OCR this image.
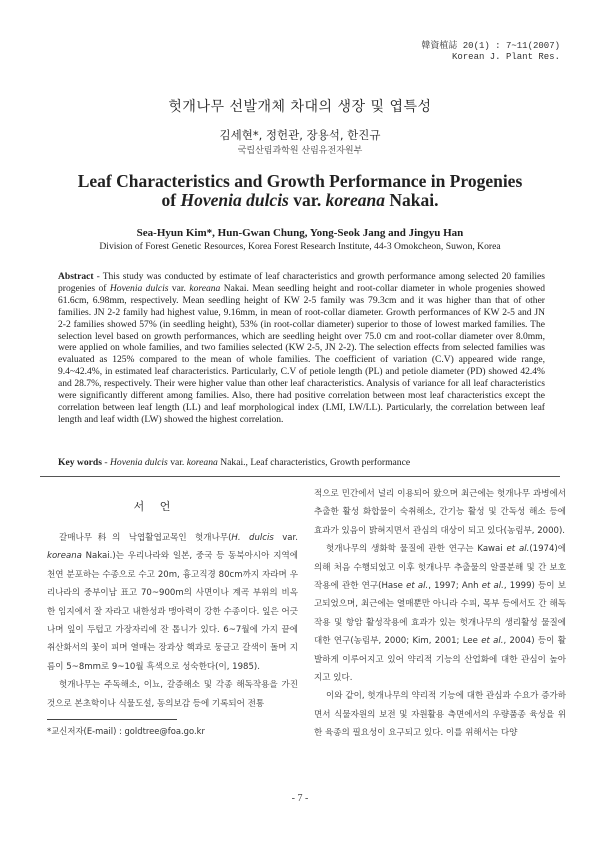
韓資植誌 20(1) : 7~11(2007)
Korean J. Plant Res.
헛개나무 선발개체 차대의 생장 및 엽특성
김세현*, 정헌관, 장용석, 한진규
국립산림과학원 산림유전자원부
Leaf Characteristics and Growth Performance in Progenies
of Hovenia dulcis var. koreana Nakai.
Sea-Hyun Kim*, Hun-Gwan Chung, Yong-Seok Jang and Jingyu Han
Division of Forest Genetic Resources, Korea Forest Research Institute, 44-3 Omokcheon, Suwon, Korea
Abstract - This study was conducted by estimate of leaf characteristics and growth performance among selected 20 families progenies of Hovenia dulcis var. koreana Nakai. Mean seedling height and root-collar diameter in whole progenies showed 61.6cm, 6.98mm, respectively. Mean seedling height of KW 2-5 family was 79.3cm and it was higher than that of other families. JN 2-2 family had highest value, 9.16mm, in mean of root-collar diameter. Growth performances of KW 2-5 and JN 2-2 families showed 57% (in seedling height), 53% (in root-collar diameter) superior to those of lowest marked families. The selection level based on growth performances, which are seedling height over 75.0 cm and root-collar diameter over 8.0mm, were applied on whole families, and two families selected (KW 2-5, JN 2-2). The selection effects from selected families was evaluated as 125% compared to the mean of whole families. The coefficient of variation (C.V) appeared wide range, 9.4~42.4%, in estimated leaf characteristics. Particularly, C.V of petiole length (PL) and petiole diameter (PD) showed 42.4% and 28.7%, respectively. Their were higher value than other leaf characteristics. Analysis of variance for all leaf characteristics were significantly different among families. Also, there had positive correlation between most leaf characteristics except the correlation between leaf length (LL) and leaf morphological index (LMI, LW/LL). Particularly, the correlation between leaf length and leaf width (LW) showed the highest correlation.
Key words - Hovenia dulcis var. koreana Nakai., Leaf characteristics, Growth performance
서 언

갈매나무科의 낙엽활엽교목인 헛개나무(H. dulcis var. koreana Nakai.)는 우리나라와 일본, 중국 등 동북아시아 지역에 천연 분포하는 수종으로 수고 20m, 흉고직경 80cm까지 자라며 우리나라의 중부이남 표고 70~900m의 사면이나 계곡 부위의 비옥한 임지에서 잘 자라고 내한성과 맹아력이 강한 수종이다. 잎은 어긋나며 잎이 두텁고 가장자리에 잔 톱니가 있다. 6~7월에 가지 끝에 취산화서의 꽃이 피며 열매는 장과상 핵과로 둥글고 갈색이 돌며 지름이 5~8mm로 9~10월 흑색으로 성숙한다(이, 1985).

헛개나무는 주독해소, 이뇨, 갈증해소 및 각종 해독작용을 가진 것으로 본초학이나 식물도설, 동의보감 등에 기록되어 전통

적으로 민간에서 널리 이용되어 왔으며 최근에는 헛개나무 과병에서 추출한 활성 화합물이 숙취해소, 간기능 활성 및 간독성 해소 등에 효과가 있음이 밝혀지면서 관심의 대상이 되고 있다(농림부, 2000).

헛개나무의 생화학 물질에 관한 연구는 Kawai et al.(1974)에 의해 처음 수행되었고 이후 헛개나무 추출물의 알콜분해 및 간 보호작용에 관한 연구(Hase et al., 1997; Anh et al., 1999) 등이 보고되었으며, 최근에는 열매뿐만 아니라 수피, 목부 등에서도 간 해독작용 및 항암 활성작용에 효과가 있는 헛개나무의 생리활성 물질에 대한 연구(농림부, 2000; Kim, 2001; Lee et al., 2004) 등이 활발하게 이루어지고 있어 약리적 기능의 산업화에 대한 관심이 높아지고 있다.

이와 같이, 헛개나무의 약리적 기능에 대한 관심과 수요가 증가하면서 식물자원의 보전 및 자원활용 측면에서의 우량품종 육성을 위한 육종의 필요성이 요구되고 있다. 이를 위해서는 다양

*교신저자(E-mail) : goldtree@foa.go.kr
- 7 -
